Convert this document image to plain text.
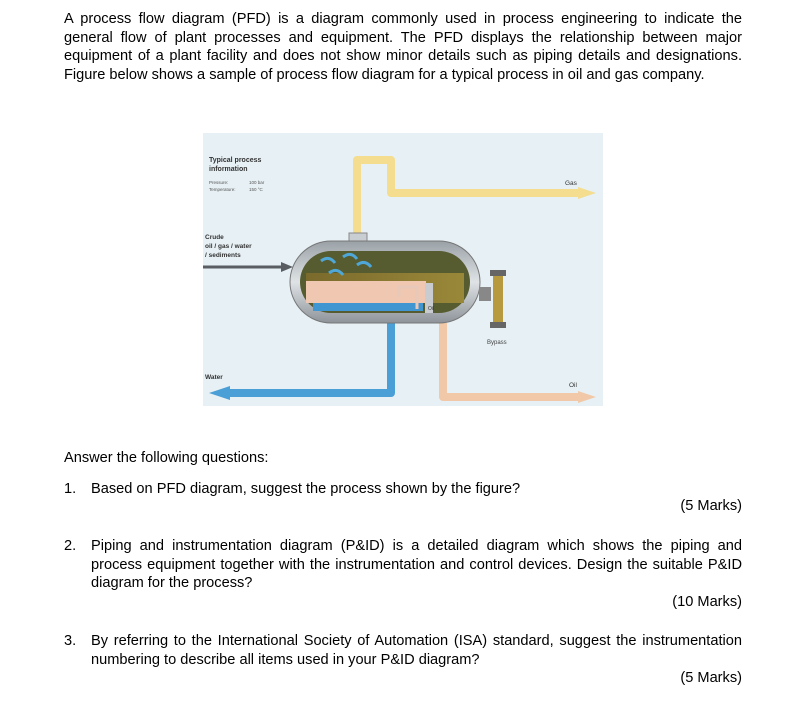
A process flow diagram (PFD) is a diagram commonly used in process engineering to indicate the general flow of plant processes and equipment. The PFD displays the relationship between major equipment of a plant facility and does not show minor details such as piping details and designations. Figure below shows a sample of process flow diagram for a typical process in oil and gas company.

Typical process
information
Pressure:	100 bar
Temperature:	150 °C
Crude
oil / gas / water
/ sediments
Gas
Oil
Bypass
Water
Oil
Answer the following questions:
1. Based on PFD diagram, suggest the process shown by the figure?
(5 Marks)
2. Piping and instrumentation diagram (P&ID) is a detailed diagram which shows the piping and process equipment together with the instrumentation and control devices. Design the suitable P&ID diagram for the process?
(10 Marks)
3. By referring to the International Society of Automation (ISA) standard, suggest the instrumentation numbering to describe all items used in your P&ID diagram?
(5 Marks)
